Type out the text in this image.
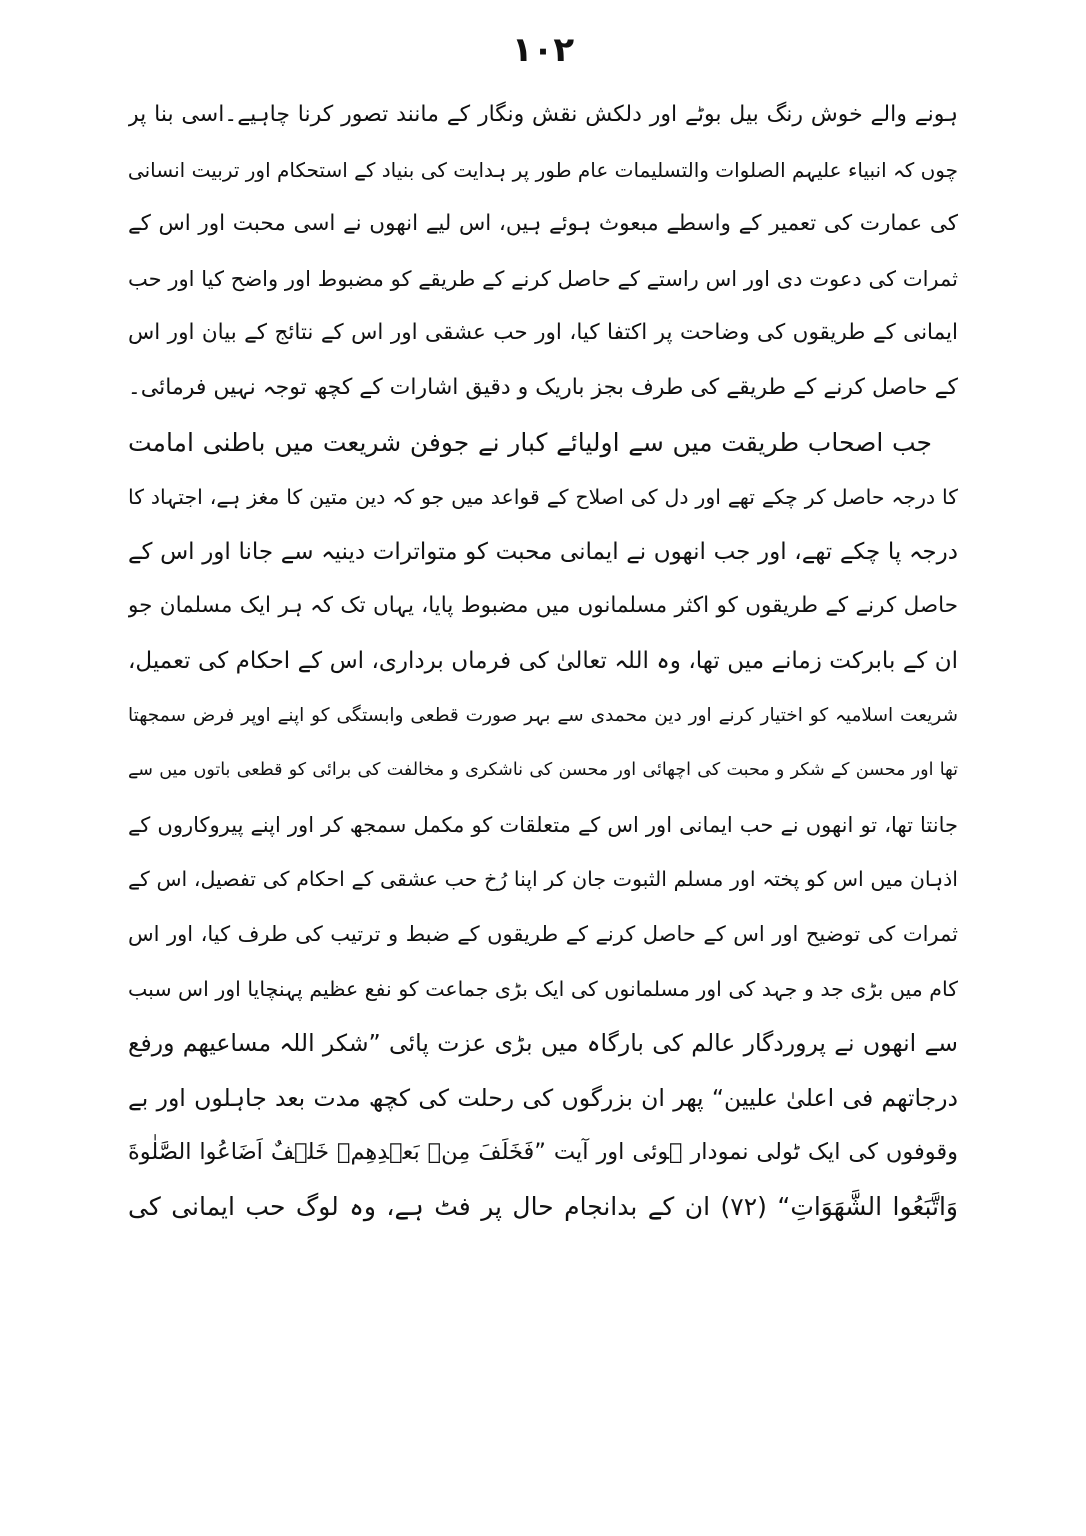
١٠٢
ہونے والے خوش رنگ بیل بوٹے اور دلکش نقش ونگار کے مانند تصور کرنا چاہیے۔اسی بنا پر
چوں کہ انبیاء علیہم الصلوات والتسلیمات عام طور پر ہدایت کی بنیاد کے استحکام اور تربیت انسانی
کی عمارت کی تعمیر کے واسطے مبعوث ہوئے ہیں، اس لیے انھوں نے اسی محبت اور اس کے
ثمرات کی دعوت دی اور اس راستے کے حاصل کرنے کے طریقے کو مضبوط اور واضح کیا اور حب
ایمانی کے طریقوں کی وضاحت پر اکتفا کیا، اور حب عشقی اور اس کے نتائج کے بیان اور اس
کے حاصل کرنے کے طریقے کی طرف بجز باریک و دقیق اشارات کے کچھ توجہ نہیں فرمائی۔
جب اصحاب طریقت میں سے اولیائے کبار نے جوفن شریعت میں باطنی امامت
کا درجہ حاصل کر چکے تھے اور دل کی اصلاح کے قواعد میں جو کہ دین متین کا مغز ہے، اجتہاد کا
درجہ پا چکے تھے، اور جب انھوں نے ایمانی محبت کو متواترات دینیہ سے جانا اور اس کے
حاصل کرنے کے طریقوں کو اکثر مسلمانوں میں مضبوط پایا، یہاں تک کہ ہر ایک مسلمان جو
ان کے بابرکت زمانے میں تھا، وہ اللہ تعالیٰ کی فرماں برداری، اس کے احکام کی تعمیل،
شریعت اسلامیہ کو اختیار کرنے اور دین محمدی سے بہر صورت قطعی وابستگی کو اپنے اوپر فرض سمجھتا
تھا اور محسن کے شکر و محبت کی اچھائی اور محسن کی ناشکری و مخالفت کی برائی کو قطعی باتوں میں سے
جانتا تھا، تو انھوں نے حب ایمانی اور اس کے متعلقات کو مکمل سمجھ کر اور اپنے پیروکاروں کے
اذہان میں اس کو پختہ اور مسلم الثبوت جان کر اپنا رُخ حب عشقی کے احکام کی تفصیل، اس کے
ثمرات کی توضیح اور اس کے حاصل کرنے کے طریقوں کے ضبط و ترتیب کی طرف کیا، اور اس
کام میں بڑی جد و جہد کی اور مسلمانوں کی ایک بڑی جماعت کو نفع عظیم پہنچایا اور اس سبب
سے انھوں نے پروردگار عالم کی بارگاہ میں بڑی عزت پائی ”شکر اللہ مساعیھم ورفع
درجاتھم فی اعلیٰ علیین“ پھر ان بزرگوں کی رحلت کی کچھ مدت بعد جاہلوں اور بے
وقوفوں کی ایک ٹولی نمودار ہوئی اور آیت ”فَخَلَفَ مِنۢ بَعۡدِهِمۡ خَلۡفٌ اَضَاعُوا الصَّلٰوةَ
وَاتَّبَعُوا الشَّهَوَاتِ“ (۷۲) ان کے بدانجام حال پر فٹ ہے، وہ لوگ حب ایمانی کی
